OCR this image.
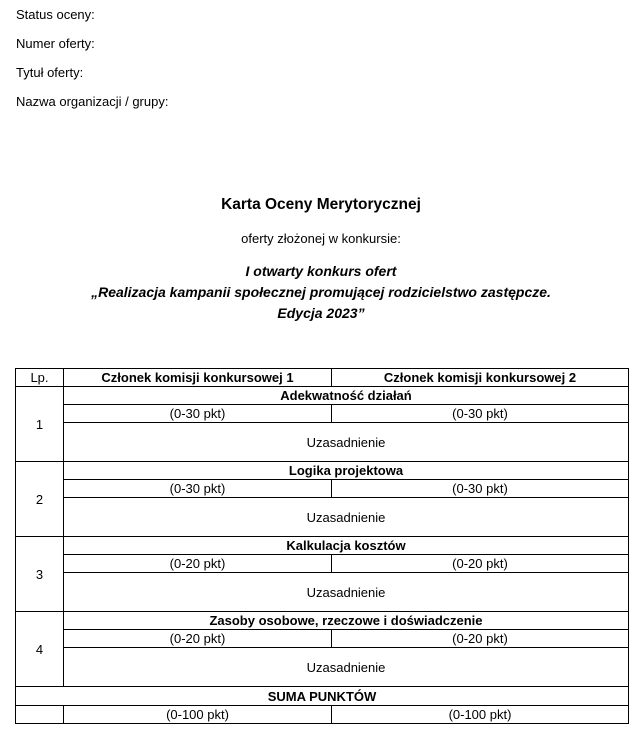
Status oceny:
Numer oferty:
Tytuł oferty:
Nazwa organizacji / grupy:
Karta Oceny Merytorycznej
oferty złożonej w konkursie:
I otwarty konkurs ofert
„Realizacja kampanii społecznej promującej rodzicielstwo zastępcze.
Edycja 2023”
Lp.	Członek komisji konkursowej 1	Członek komisji konkursowej 2
1	Adekwatność działań	
	(0-30 pkt)	(0-30 pkt)
	Uzasadnienie	
2	Logika projektowa	
	(0-30 pkt)	(0-30 pkt)
	Uzasadnienie	
3	Kalkulacja kosztów	
	(0-20 pkt)	(0-20 pkt)
	Uzasadnienie	
4	Zasoby osobowe, rzeczowe i doświadczenie	
	(0-20 pkt)	(0-20 pkt)
	Uzasadnienie	
SUMA PUNKTÓW		
	(0-100 pkt)	(0-100 pkt)
